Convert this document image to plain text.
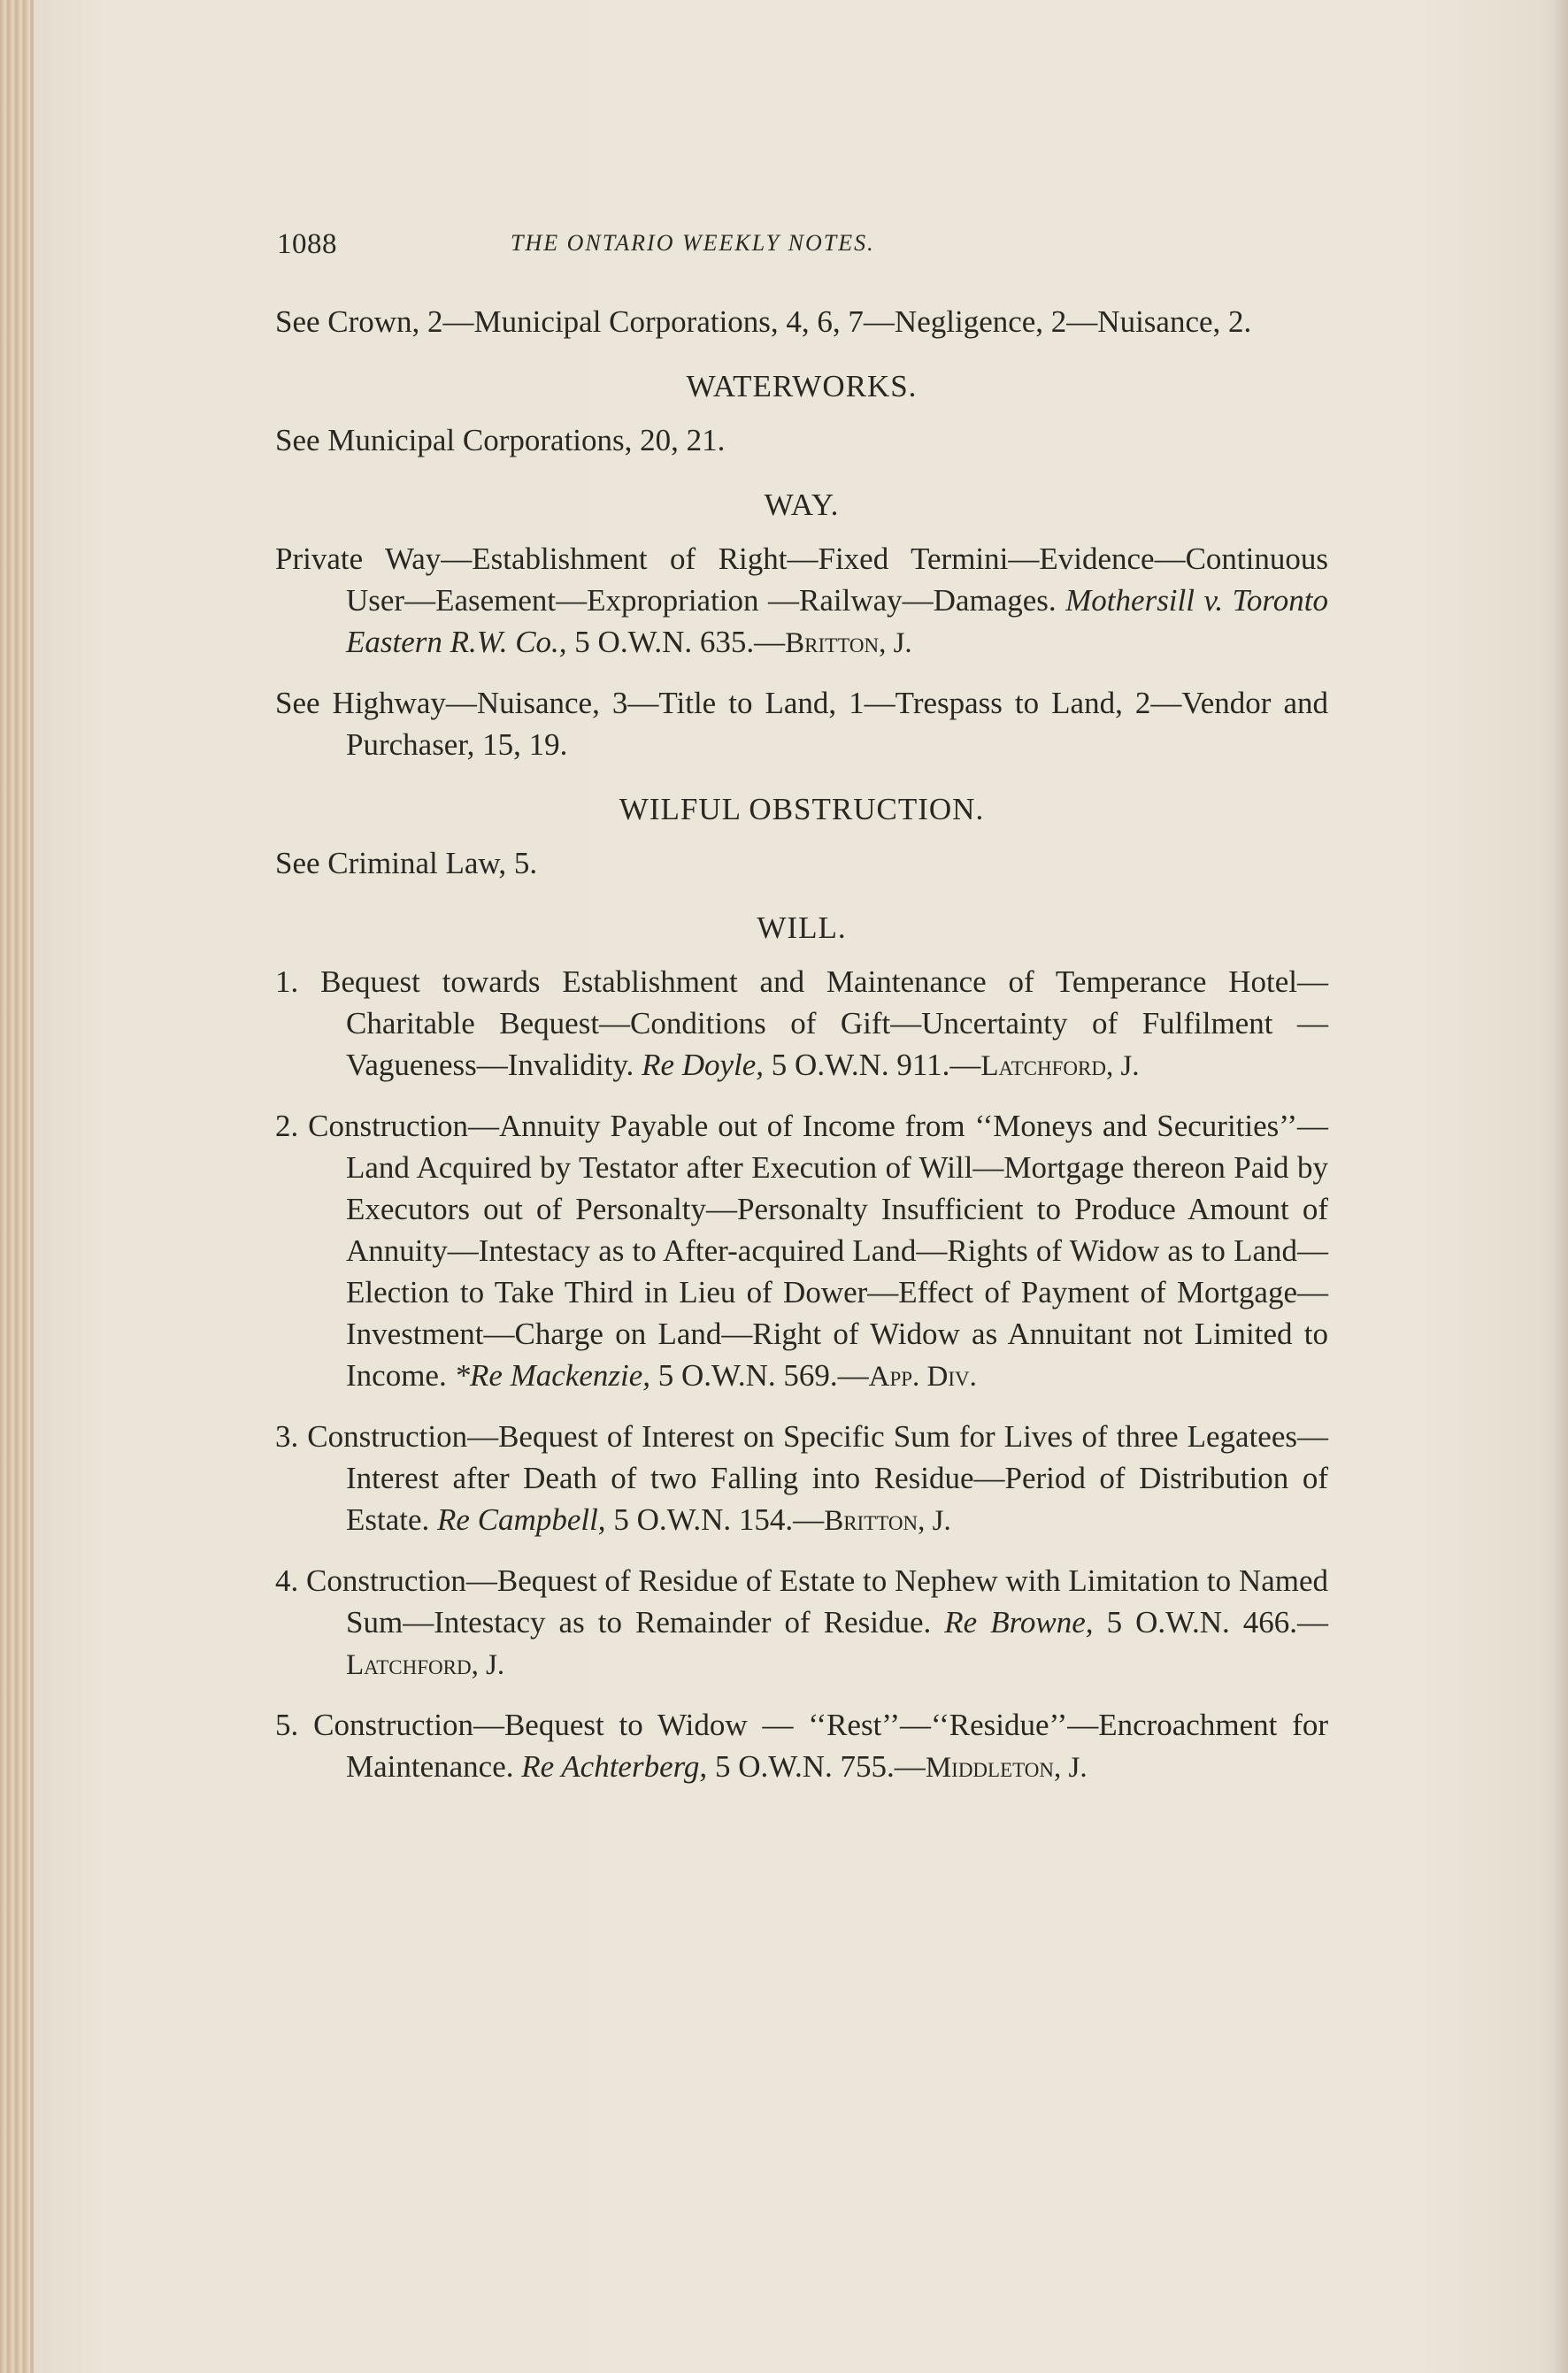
1088	THE ONTARIO WEEKLY NOTES.

See Crown, 2—Municipal Corporations, 4, 6, 7—Negligence, 2—Nuisance, 2.

WATERWORKS.

See Municipal Corporations, 20, 21.

WAY.

Private Way—Establishment of Right—Fixed Termini—Evidence—Continuous User—Easement—Expropriation —Railway—Damages. Mothersill v. Toronto Eastern R.W. Co., 5 O.W.N. 635.—Britton, J.

See Highway—Nuisance, 3—Title to Land, 1—Trespass to Land, 2—Vendor and Purchaser, 15, 19.

WILFUL OBSTRUCTION.

See Criminal Law, 5.

WILL.

1. Bequest towards Establishment and Maintenance of Temperance Hotel—Charitable Bequest—Conditions of Gift—Uncertainty of Fulfilment — Vagueness—Invalidity. Re Doyle, 5 O.W.N. 911.—Latchford, J.

2. Construction—Annuity Payable out of Income from ‘‘Moneys and Securities’’—Land Acquired by Testator after Execution of Will—Mortgage thereon Paid by Executors out of Personalty—Personalty Insufficient to Produce Amount of Annuity—Intestacy as to After-acquired Land—Rights of Widow as to Land—Election to Take Third in Lieu of Dower—Effect of Payment of Mortgage—Investment—Charge on Land—Right of Widow as Annuitant not Limited to Income. *Re Mackenzie, 5 O.W.N. 569.—App. Div.

3. Construction—Bequest of Interest on Specific Sum for Lives of three Legatees—Interest after Death of two Falling into Residue—Period of Distribution of Estate. Re Campbell, 5 O.W.N. 154.—Britton, J.

4. Construction—Bequest of Residue of Estate to Nephew with Limitation to Named Sum—Intestacy as to Remainder of Residue. Re Browne, 5 O.W.N. 466.—Latchford, J.

5. Construction—Bequest to Widow — ‘‘Rest’’—‘‘Residue’’—Encroachment for Maintenance. Re Achterberg, 5 O.W.N. 755.—Middleton, J.
